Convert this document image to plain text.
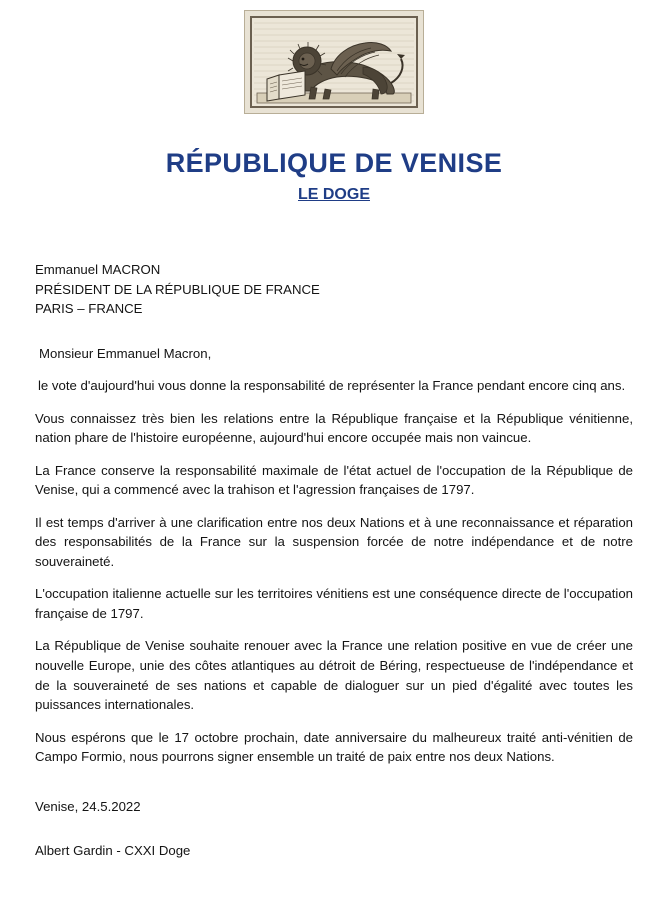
RÉPUBLIQUE DE VENISE
LE DOGE
Emmanuel MACRON
PRÉSIDENT DE LA RÉPUBLIQUE DE FRANCE
PARIS – FRANCE
Monsieur Emmanuel Macron,
le vote d'aujourd'hui vous donne la responsabilité de représenter la France pendant encore cinq ans.
Vous connaissez très bien les relations entre la République française et la République vénitienne, nation phare de l'histoire européenne, aujourd'hui encore occupée mais non vaincue.
La France conserve la responsabilité maximale de l'état actuel de l'occupation de la République de Venise, qui a commencé avec la trahison et l'agression françaises de 1797.
Il est temps d'arriver à une clarification entre nos deux Nations et à une reconnaissance et réparation des responsabilités de la France sur la suspension forcée de notre indépendance et de notre souveraineté.
L'occupation italienne actuelle sur les territoires vénitiens est une conséquence directe de l'occupation française de 1797.
La République de Venise souhaite renouer avec la France une relation positive en vue de créer une nouvelle Europe, unie des côtes atlantiques au détroit de Béring, respectueuse de l'indépendance et de la souveraineté de ses nations et capable de dialoguer sur un pied d'égalité avec toutes les puissances internationales.
Nous espérons que le 17 octobre prochain, date anniversaire du malheureux traité anti-vénitien de Campo Formio, nous pourrons signer ensemble un traité de paix entre nos deux Nations.
Venise, 24.5.2022
Albert Gardin - CXXI Doge
